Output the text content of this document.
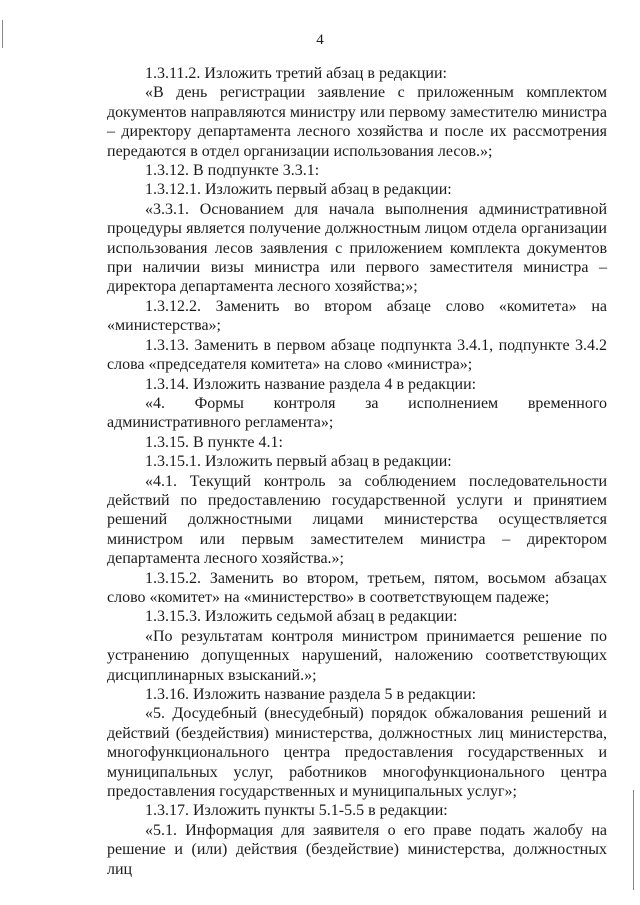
4

1.3.11.2. Изложить третий абзац в редакции:

«В день регистрации заявление с приложенным комплектом документов направляются министру или первому заместителю министра – директору департамента лесного хозяйства и после их рассмотрения передаются в отдел организации использования лесов.»;

1.3.12. В подпункте 3.3.1:

1.3.12.1. Изложить первый абзац в редакции:

«3.3.1. Основанием для начала выполнения административной процедуры является получение должностным лицом отдела организации использования лесов заявления с приложением комплекта документов при наличии визы министра или первого заместителя министра – директора департамента лесного хозяйства;»;

1.3.12.2. Заменить во втором абзаце слово «комитета» на «министерства»;

1.3.13. Заменить в первом абзаце подпункта 3.4.1, подпункте 3.4.2 слова «председателя комитета» на слово «министра»;

1.3.14. Изложить название раздела 4 в редакции:

«4. Формы контроля за исполнением временного административного регламента»;

1.3.15. В пункте 4.1:

1.3.15.1. Изложить первый абзац в редакции:

«4.1. Текущий контроль за соблюдением последовательности действий по предоставлению государственной услуги и принятием решений должностными лицами министерства осуществляется министром или первым заместителем министра – директором департамента лесного хозяйства.»;

1.3.15.2. Заменить во втором, третьем, пятом, восьмом абзацах слово «комитет» на «министерство» в соответствующем падеже;

1.3.15.3. Изложить седьмой абзац в редакции:

«По результатам контроля министром принимается решение по устранению допущенных нарушений, наложению соответствующих дисциплинарных взысканий.»;

1.3.16. Изложить название раздела 5 в редакции:

«5. Досудебный (внесудебный) порядок обжалования решений и действий (бездействия) министерства, должностных лиц министерства, многофункционального центра предоставления государственных и муниципальных услуг, работников многофункционального центра предоставления государственных и муниципальных услуг»;

1.3.17. Изложить пункты 5.1-5.5 в редакции:

«5.1. Информация для заявителя о его праве подать жалобу на решение и (или) действия (бездействие) министерства, должностных лиц
